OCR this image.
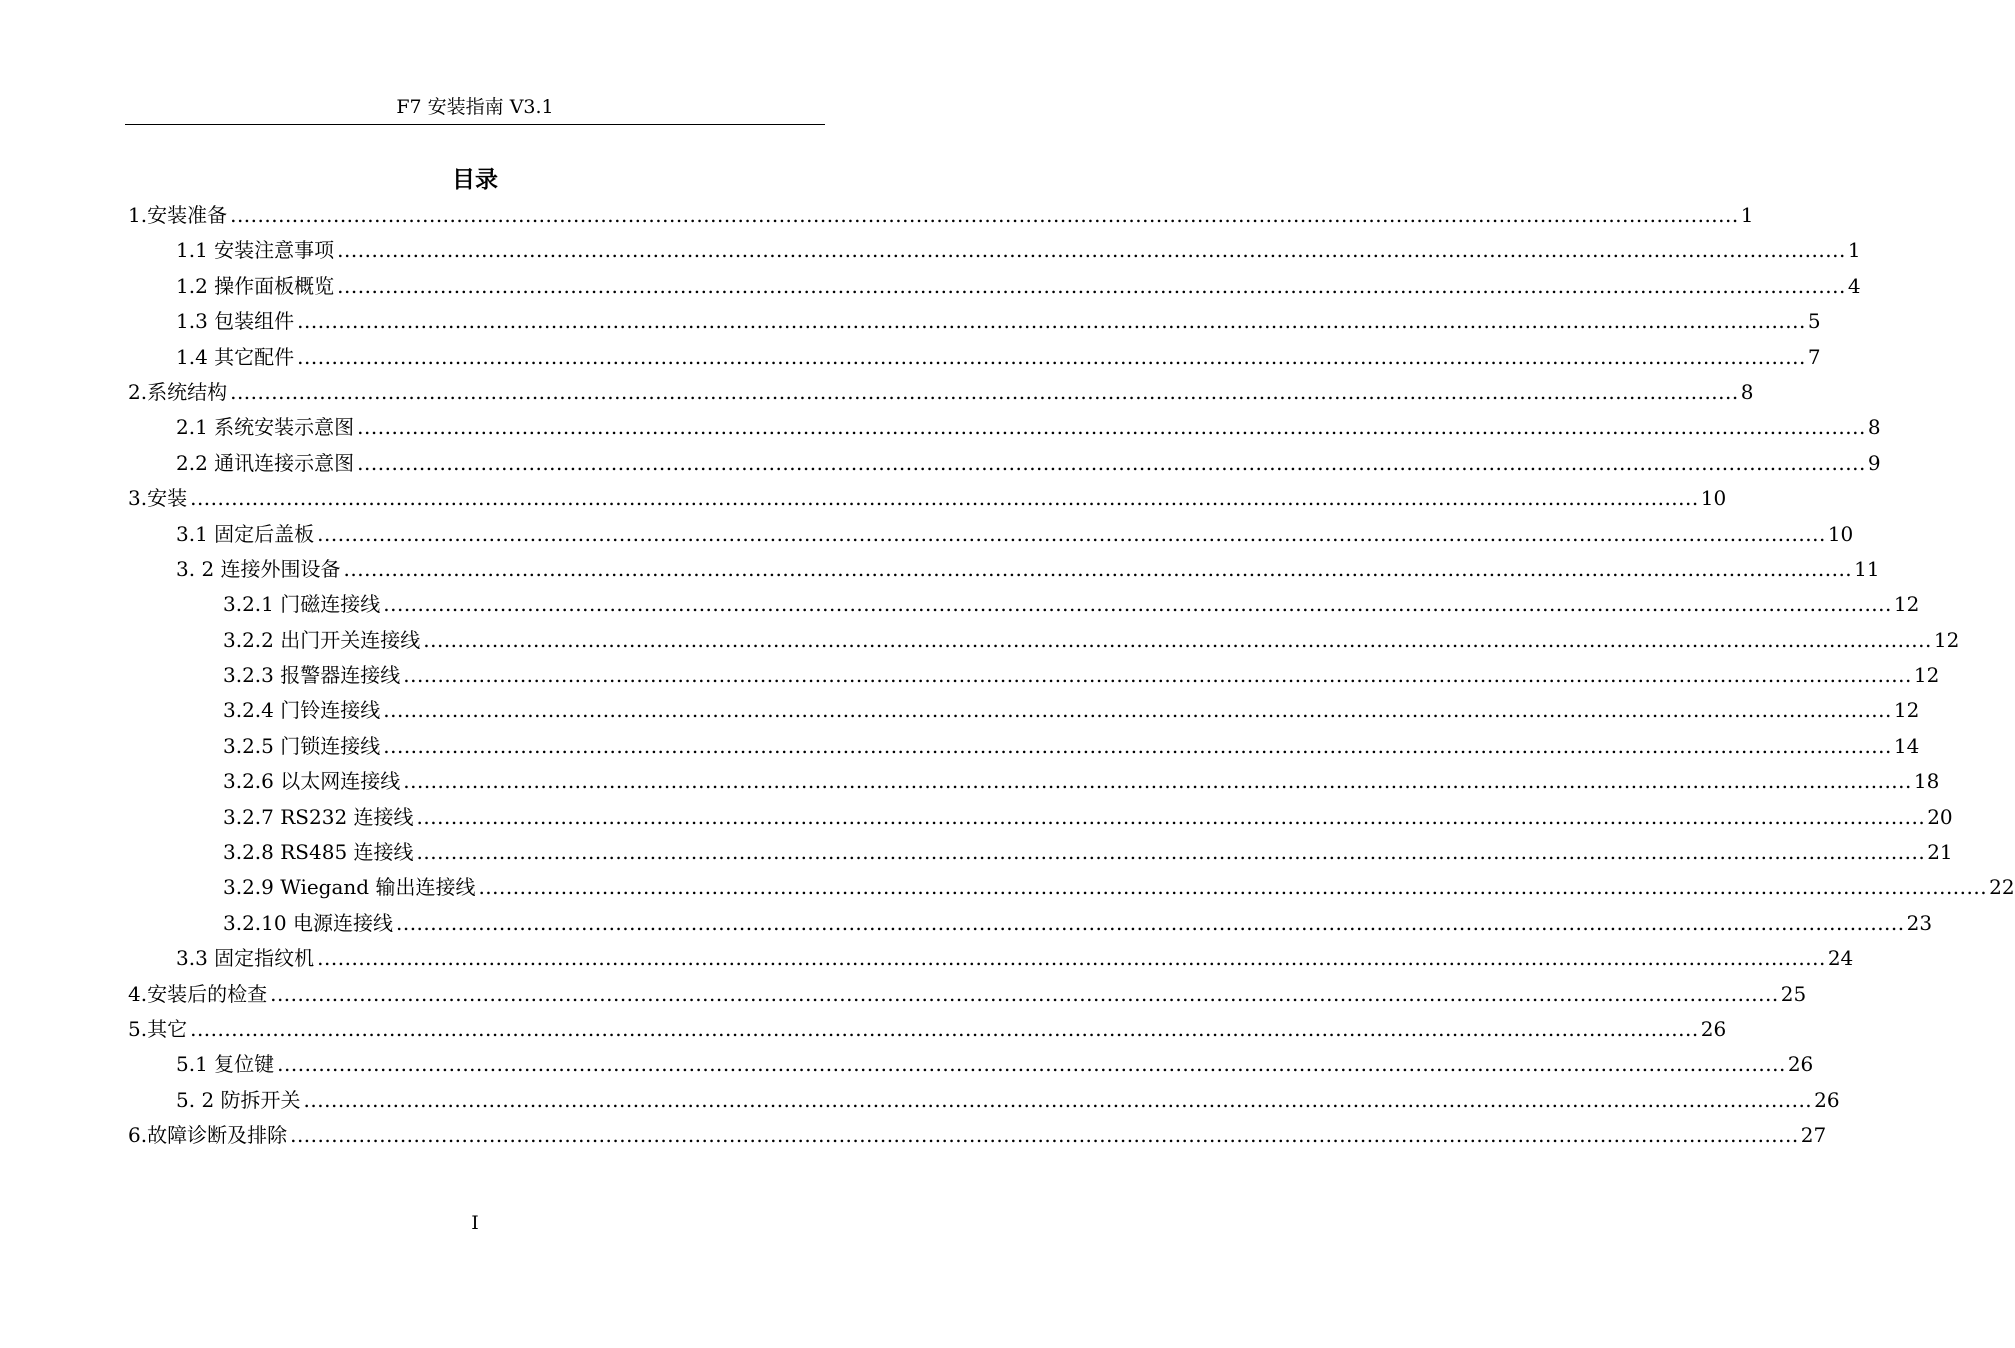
F7 安装指南 V3.1
目录
1.安装准备 ............................................................................................................................................................................................................................ 1
1.1 安装注意事项 ............................................................................................................................................................................................................................ 1
1.2 操作面板概览 ............................................................................................................................................................................................................................ 4
1.3 包装组件 ............................................................................................................................................................................................................................ 5
1.4 其它配件 ............................................................................................................................................................................................................................ 7
2.系统结构 ............................................................................................................................................................................................................................ 8
2.1 系统安装示意图 ............................................................................................................................................................................................................................ 8
2.2 通讯连接示意图 ............................................................................................................................................................................................................................ 9
3.安装 ............................................................................................................................................................................................................................ 10
3.1 固定后盖板 ............................................................................................................................................................................................................................ 10
3. 2 连接外围设备 ............................................................................................................................................................................................................................ 11
3.2.1 门磁连接线 ............................................................................................................................................................................................................................ 12
3.2.2 出门开关连接线 ............................................................................................................................................................................................................................ 12
3.2.3 报警器连接线 ............................................................................................................................................................................................................................ 12
3.2.4 门铃连接线 ............................................................................................................................................................................................................................ 12
3.2.5 门锁连接线 ............................................................................................................................................................................................................................ 14
3.2.6 以太网连接线 ............................................................................................................................................................................................................................ 18
3.2.7 RS232 连接线 ............................................................................................................................................................................................................................ 20
3.2.8 RS485 连接线 ............................................................................................................................................................................................................................ 21
3.2.9 Wiegand 输出连接线 ............................................................................................................................................................................................................................ 22
3.2.10 电源连接线 ............................................................................................................................................................................................................................ 23
3.3 固定指纹机 ............................................................................................................................................................................................................................ 24
4.安装后的检查 ............................................................................................................................................................................................................................ 25
5.其它 ............................................................................................................................................................................................................................ 26
5.1 复位键 ............................................................................................................................................................................................................................ 26
5. 2 防拆开关 ............................................................................................................................................................................................................................ 26
6.故障诊断及排除 ............................................................................................................................................................................................................................ 27
I
